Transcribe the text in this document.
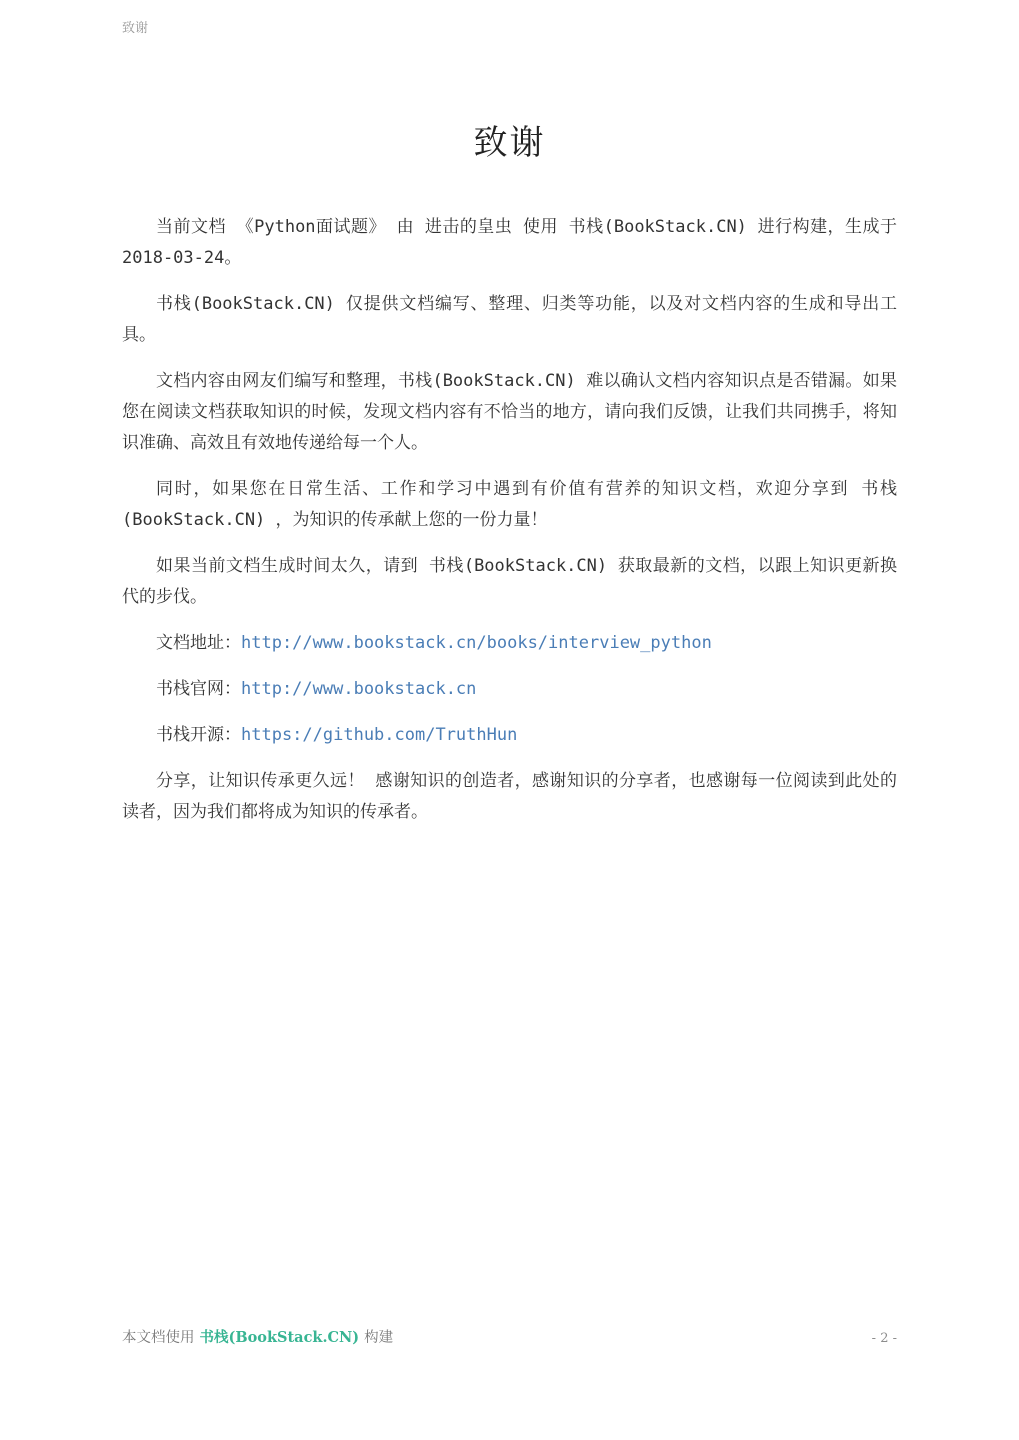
致谢
致谢

当前文档 《Python面试题》 由 进击的皇虫 使用 书栈(BookStack.CN) 进行构建，生成于 2018-03-24。

书栈(BookStack.CN) 仅提供文档编写、整理、归类等功能，以及对文档内容的生成和导出工具。

文档内容由网友们编写和整理，书栈(BookStack.CN) 难以确认文档内容知识点是否错漏。如果您在阅读文档获取知识的时候，发现文档内容有不恰当的地方，请向我们反馈，让我们共同携手，将知识准确、高效且有效地传递给每一个人。

同时，如果您在日常生活、工作和学习中遇到有价值有营养的知识文档，欢迎分享到 书栈(BookStack.CN) ，为知识的传承献上您的一份力量！

如果当前文档生成时间太久，请到 书栈(BookStack.CN) 获取最新的文档，以跟上知识更新换代的步伐。

文档地址：http://www.bookstack.cn/books/interview_python

书栈官网：http://www.bookstack.cn

书栈开源：https://github.com/TruthHun

分享，让知识传承更久远！ 感谢知识的创造者，感谢知识的分享者，也感谢每一位阅读到此处的读者，因为我们都将成为知识的传承者。

本文档使用 书栈(BookStack.CN) 构建	- 2 -
